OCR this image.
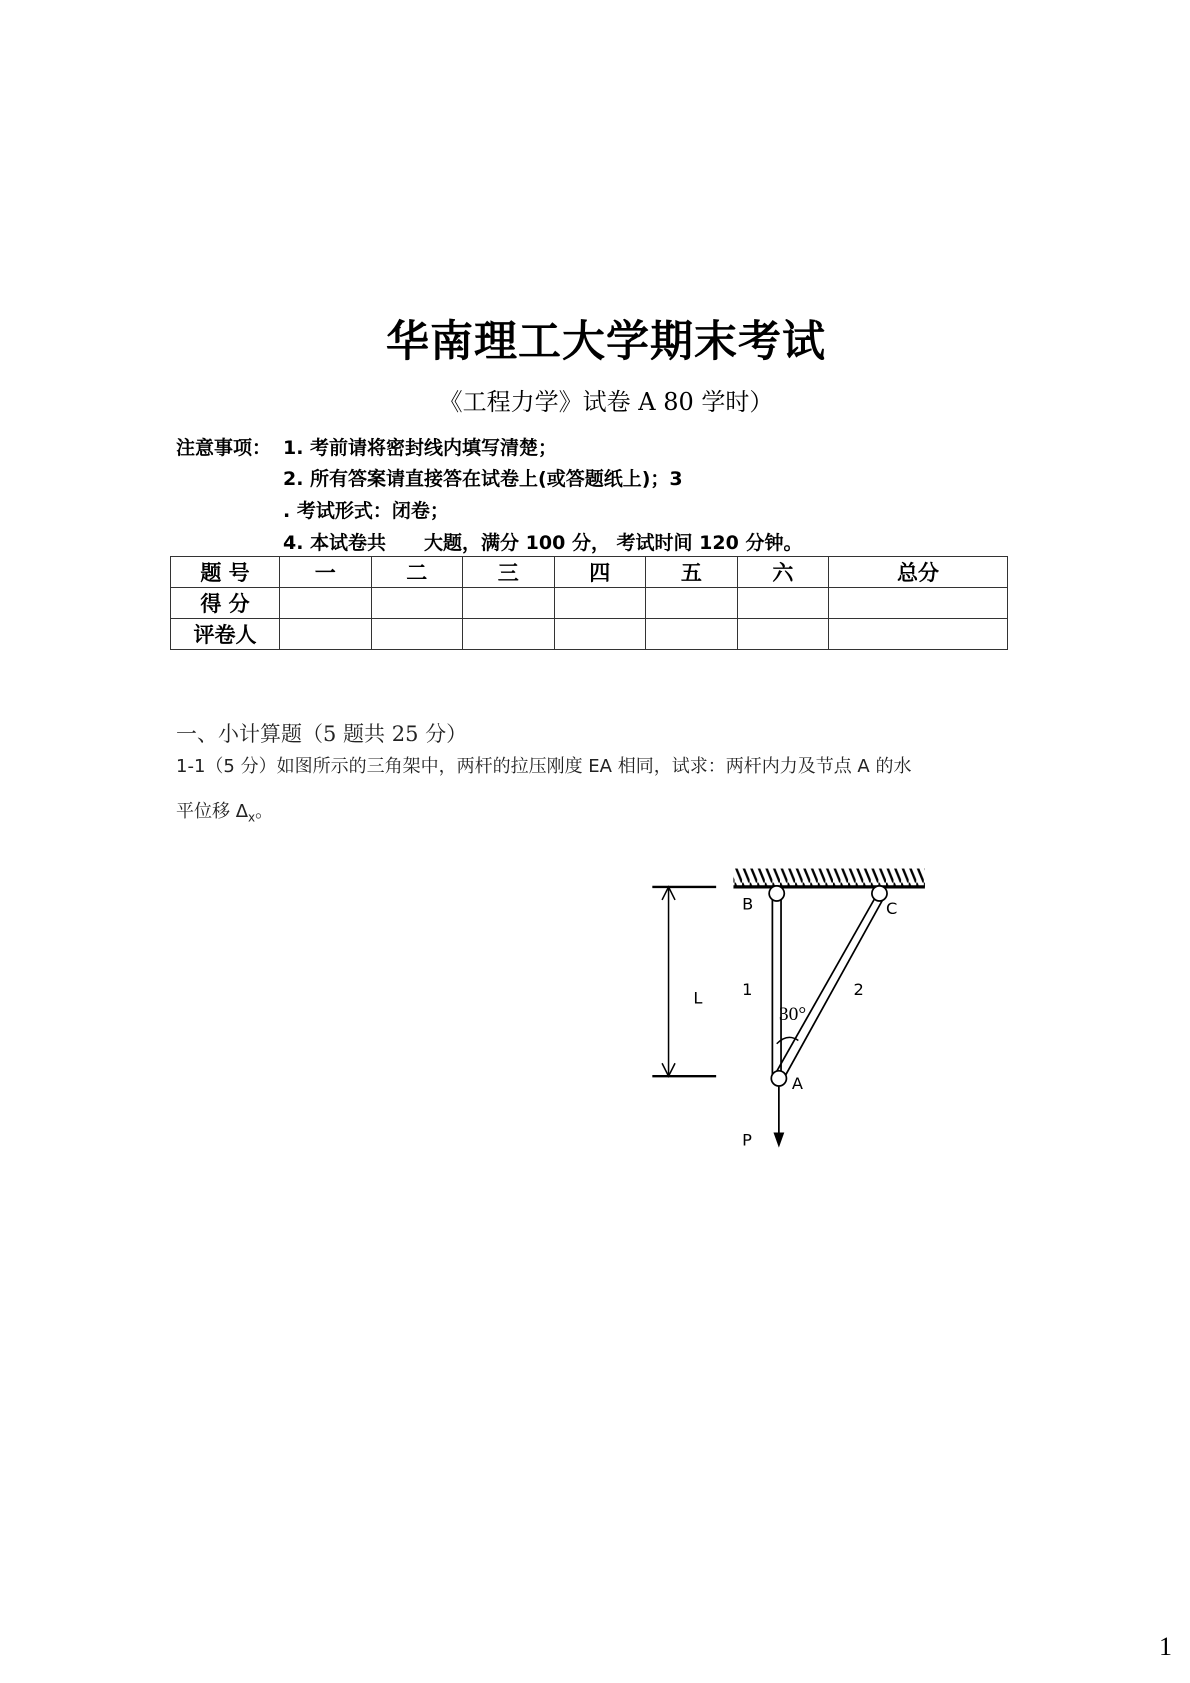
华南理工大学期末考试
《工程力学》试卷 A 80 学时）
注意事项： 1. 考前请将密封线内填写清楚；
2. 所有答案请直接答在试卷上(或答题纸上)；3
. 考试形式：闭卷；
4. 本试卷共　　大题，满分 100 分， 考试时间 120 分钟。
题 号	一	二	三	四	五	六	总分
得 分							
评卷人							
一、小计算题（5 题共 25 分）
1-1（5 分）如图所示的三角架中，两杆的拉压刚度 EA 相同，试求：两杆内力及节点 A 的水
平位移 $\Delta_x$。
B	C
A
L	1	2
30°
P
1
